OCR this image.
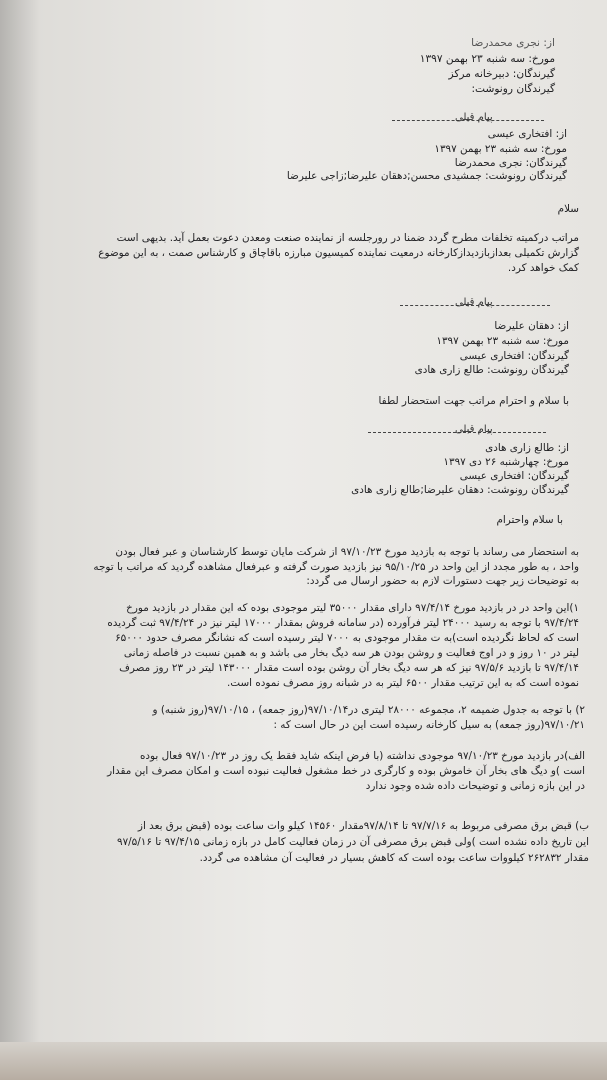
از: نجری محمدرضا
مورخ: سه شنبه ۲۳ بهمن ۱۳۹۷
گیرندگان: دبیرخانه مرکز
گیرندگان رونوشت:
پیام قبلی
از: افتخاری عیسی
مورخ: سه شنبه ۲۳ بهمن ۱۳۹۷
گیرندگان: نجری محمدرضا
گیرندگان رونوشت: جمشیدی محسن;دهقان علیرضا;زاجی علیرضا
سلام
مراتب درکمیته تخلفات مطرح گردد ضمنا در رورجلسه از نماینده صنعت ومعدن دعوت بعمل آید. بدیهی است
گزارش تکمیلی بعدازبازدیدازکارخانه درمعیت نماینده کمیسیون مبارزه باقاچاق و کارشناس صمت ، به این موضوع
کمک خواهد کرد.
پیام قبلی
از: دهقان علیرضا
مورخ: سه شنبه ۲۳ بهمن ۱۳۹۷
گیرندگان: افتخاری عیسی
گیرندگان رونوشت: طالع زاری هادی
با سلام و احترام مراتب جهت استحضار لطفا
پیام قبلی
از: طالع زاری هادی
مورخ: چهارشنبه ۲۶ دی ۱۳۹۷
گیرندگان: افتخاری عیسی
گیرندگان رونوشت: دهقان علیرضا;طالع زاری هادی
با سلام واحترام
به استحضار می رساند با توجه به بازدید مورخ ۹۷/۱۰/۲۳ از شرکت مایان توسط کارشناسان و عبر فعال بودن
واحد ، به طور مجدد از این واحد در ۹۵/۱۰/۲۵ نیز بازدید صورت گرفته و عبرفعال مشاهده گردید که مراتب با توجه
به توضیحات زیر جهت دستورات لازم به حضور ارسال می گردد:
۱)این واحد در در بازدید مورخ ۹۷/۴/۱۴ دارای مقدار ۳۵۰۰۰ لیتر موجودی بوده که این مقدار در بازدید مورخ
۹۷/۴/۲۴ با توجه به رسید ۲۴۰۰۰ لیتر فرآورده (در سامانه فروش بمقدار ۱۷۰۰۰ لیتر نیز در ۹۷/۴/۲۴ ثبت گردیده
است که لحاظ نگردیده است)به ت مقدار موجودی به ۷۰۰۰ لیتر رسیده است که نشانگر مصرف حدود ۶۵۰۰۰
لیتر در ۱۰ روز و در اوج فعالیت و روشن بودن هر سه دیگ بخار می باشد و به همین نسبت در فاصله زمانی
۹۷/۴/۱۴ تا بازدید ۹۷/۵/۶ نیز که هر سه دیگ بخار آن روشن بوده است مقدار ۱۴۳۰۰۰ لیتر در ۲۳ روز مصرف
نموده است که به این ترتیب مقدار ۶۵۰۰ لیتر به در شبانه روز مصرف نموده است.
۲) با توجه به جدول ضمیمه ۲، مجموعه ۲۸۰۰۰ لیتری در۹۷/۱۰/۱۴(روز جمعه) ، ۹۷/۱۰/۱۵(روز شنبه) و
۹۷/۱۰/۲۱(روز جمعه) به سیل کارخانه رسیده است این در حال است که :
الف)در بازدید مورخ ۹۷/۱۰/۲۳ موجودی نداشته (با فرض اینکه شاید فقط یک روز در ۹۷/۱۰/۲۳ فعال بوده
است )و دیگ های بخار آن خاموش بوده و کارگری در خط مشغول فعالیت نبوده است و امکان مصرف این مقدار
در این بازه زمانی و توضیحات داده شده وجود ندارد
ب) قبض برق مصرفی مربوط به ۹۷/۷/۱۶ تا ۹۷/۸/۱۴مقدار ۱۴۵۶۰ کیلو وات ساعت بوده (قبض برق بعد از
این تاریخ داده نشده است )ولی قبض برق مصرفی آن در زمان فعالیت کامل در بازه زمانی ۹۷/۴/۱۵ تا ۹۷/۵/۱۶
مقدار ۲۶۲۸۳۲ کیلووات ساعت بوده است که کاهش بسیار در فعالیت آن مشاهده می گردد.
